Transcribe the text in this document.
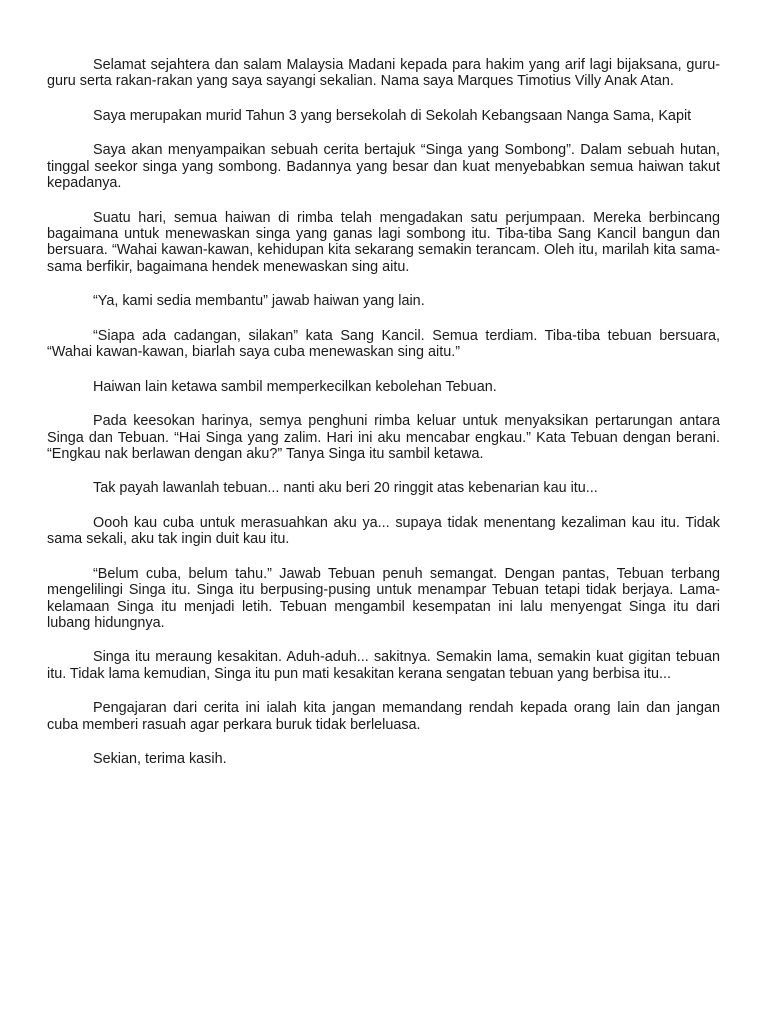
Selamat sejahtera dan salam Malaysia Madani kepada para hakim yang arif lagi bijaksana, guru-guru serta rakan-rakan yang saya sayangi sekalian. Nama saya Marques Timotius Villy Anak Atan.

Saya merupakan murid Tahun 3 yang bersekolah di Sekolah Kebangsaan Nanga Sama, Kapit

Saya akan menyampaikan sebuah cerita bertajuk “Singa yang Sombong”. Dalam sebuah hutan, tinggal seekor singa yang sombong. Badannya yang besar dan kuat menyebabkan semua haiwan takut kepadanya.

Suatu hari, semua haiwan di rimba telah mengadakan satu perjumpaan. Mereka berbincang bagaimana untuk menewaskan singa yang ganas lagi sombong itu. Tiba-tiba Sang Kancil bangun dan bersuara. “Wahai kawan-kawan, kehidupan kita sekarang semakin terancam. Oleh itu, marilah kita sama-sama berfikir, bagaimana hendek menewaskan sing aitu.

“Ya, kami sedia membantu” jawab haiwan yang lain.

“Siapa ada cadangan, silakan” kata Sang Kancil. Semua terdiam. Tiba-tiba tebuan bersuara, “Wahai kawan-kawan, biarlah saya cuba menewaskan sing aitu.”

Haiwan lain ketawa sambil memperkecilkan kebolehan Tebuan.

Pada keesokan harinya, semya penghuni rimba keluar untuk menyaksikan pertarungan antara Singa dan Tebuan. “Hai Singa yang zalim. Hari ini aku mencabar engkau.” Kata Tebuan dengan berani. “Engkau nak berlawan dengan aku?” Tanya Singa itu sambil ketawa.

Tak payah lawanlah tebuan... nanti aku beri 20 ringgit atas kebenarian kau itu...

Oooh kau cuba untuk merasuahkan aku ya... supaya tidak menentang kezaliman kau itu. Tidak sama sekali, aku tak ingin duit kau itu.

“Belum cuba, belum tahu.” Jawab Tebuan penuh semangat. Dengan pantas, Tebuan terbang mengelilingi Singa itu. Singa itu berpusing-pusing untuk menampar Tebuan tetapi tidak berjaya. Lama-kelamaan Singa itu menjadi letih. Tebuan mengambil kesempatan ini lalu menyengat Singa itu dari lubang hidungnya.

Singa itu meraung kesakitan. Aduh-aduh... sakitnya. Semakin lama, semakin kuat gigitan tebuan itu. Tidak lama kemudian, Singa itu pun mati kesakitan kerana sengatan tebuan yang berbisa itu...

Pengajaran dari cerita ini ialah kita jangan memandang rendah kepada orang lain dan jangan cuba memberi rasuah agar perkara buruk tidak berleluasa.

Sekian, terima kasih.
